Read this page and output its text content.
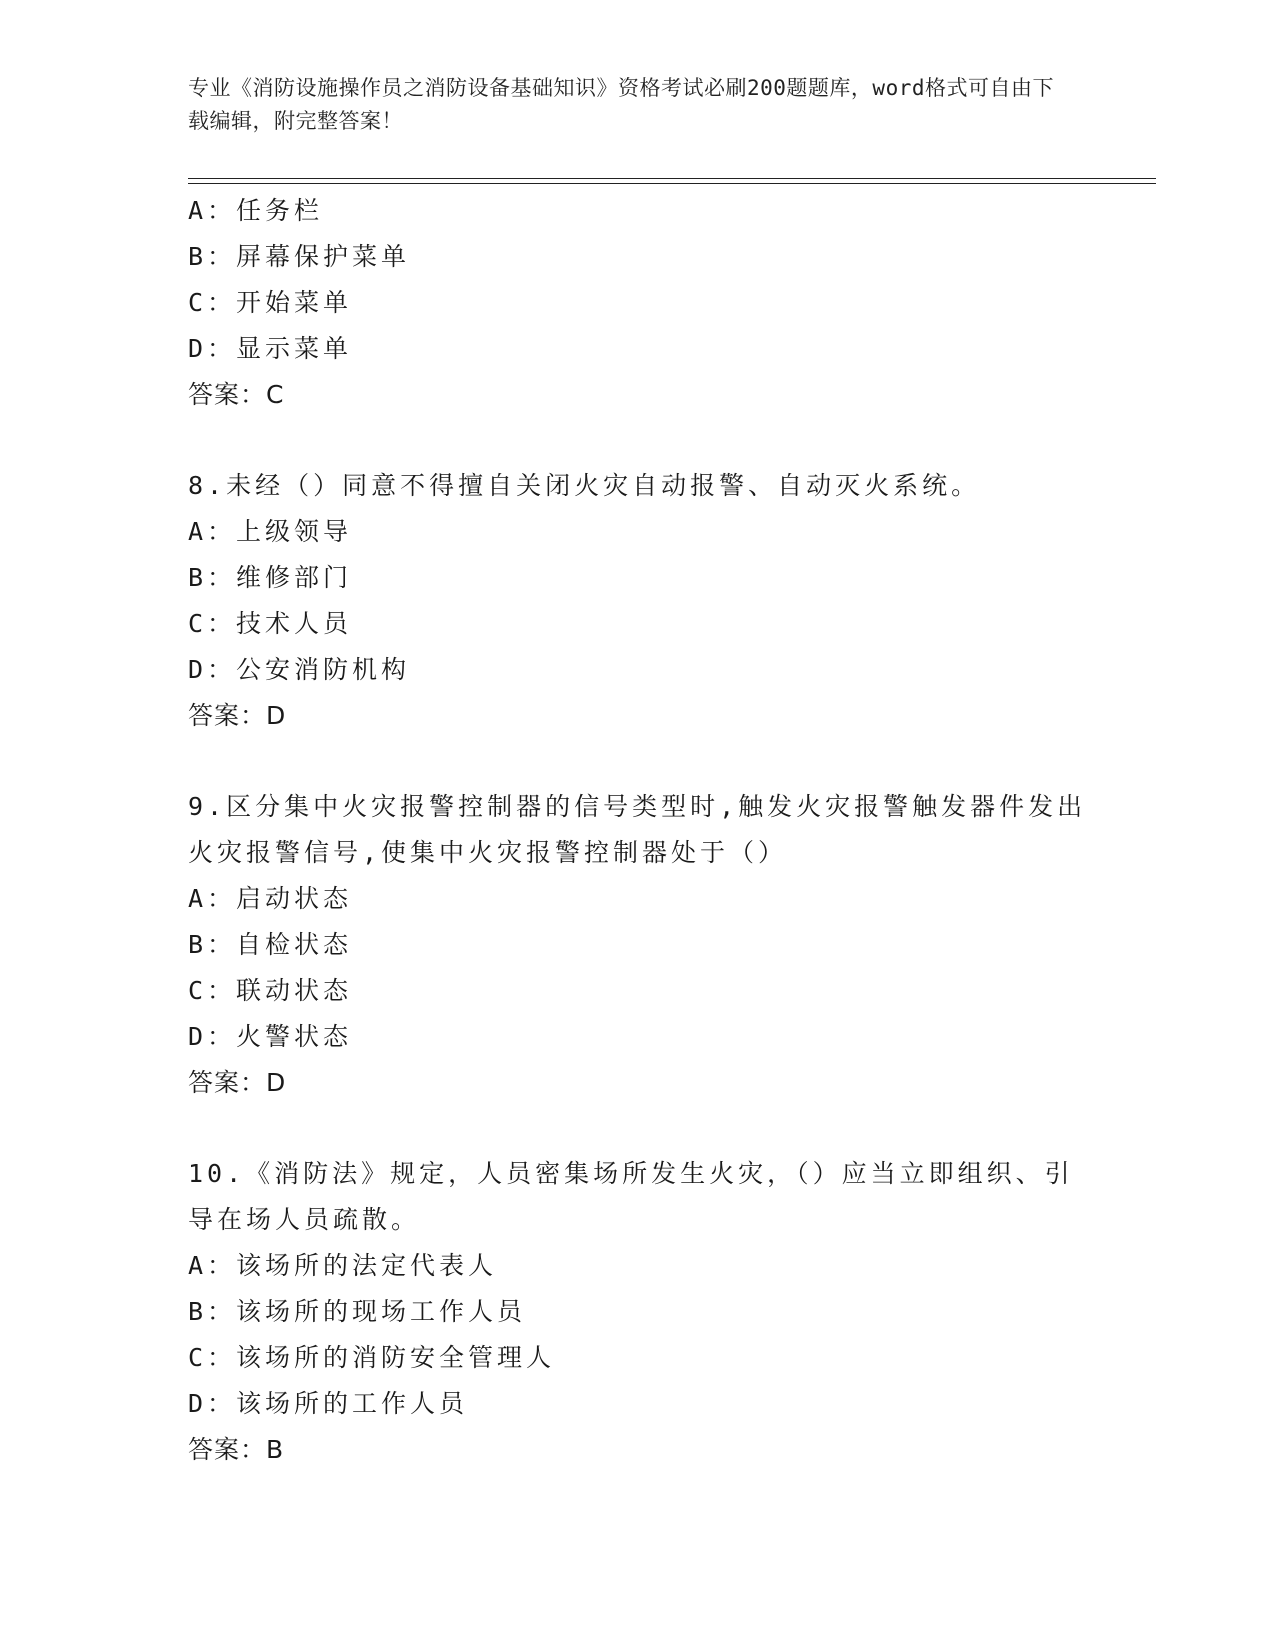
专业《消防设施操作员之消防设备基础知识》资格考试必刷200题题库，word格式可自由下载编辑，附完整答案！
A：任务栏
B：屏幕保护菜单
C：开始菜单
D：显示菜单
答案：C
8.未经（）同意不得擅自关闭火灾自动报警、自动灭火系统。
A：上级领导
B：维修部门
C：技术人员
D：公安消防机构
答案：D
9.区分集中火灾报警控制器的信号类型时,触发火灾报警触发器件发出火灾报警信号,使集中火灾报警控制器处于（）
A：启动状态
B：自检状态
C：联动状态
D：火警状态
答案：D
10.《消防法》规定，人员密集场所发生火灾，（）应当立即组织、引导在场人员疏散。
A：该场所的法定代表人
B：该场所的现场工作人员
C：该场所的消防安全管理人
D：该场所的工作人员
答案：B
